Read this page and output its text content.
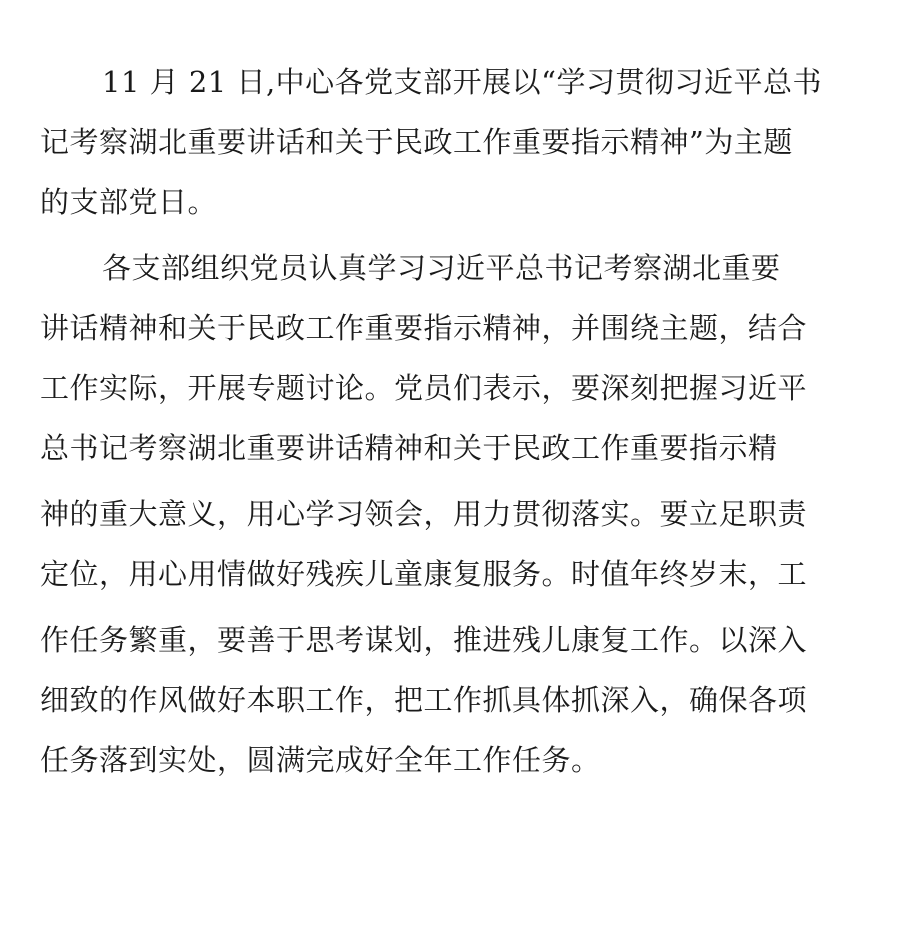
11 月 21 日,中心各党支部开展以“学习贯彻习近平总书
记考察湖北重要讲话和关于民政工作重要指示精神”为主题
的支部党日。
各支部组织党员认真学习习近平总书记考察湖北重要
讲话精神和关于民政工作重要指示精神，并围绕主题，结合
工作实际，开展专题讨论。党员们表示，要深刻把握习近平
总书记考察湖北重要讲话精神和关于民政工作重要指示精
神的重大意义，用心学习领会，用力贯彻落实。要立足职责
定位，用心用情做好残疾儿童康复服务。时值年终岁末，工
作任务繁重，要善于思考谋划，推进残儿康复工作。以深入
细致的作风做好本职工作，把工作抓具体抓深入，确保各项
任务落到实处，圆满完成好全年工作任务。
